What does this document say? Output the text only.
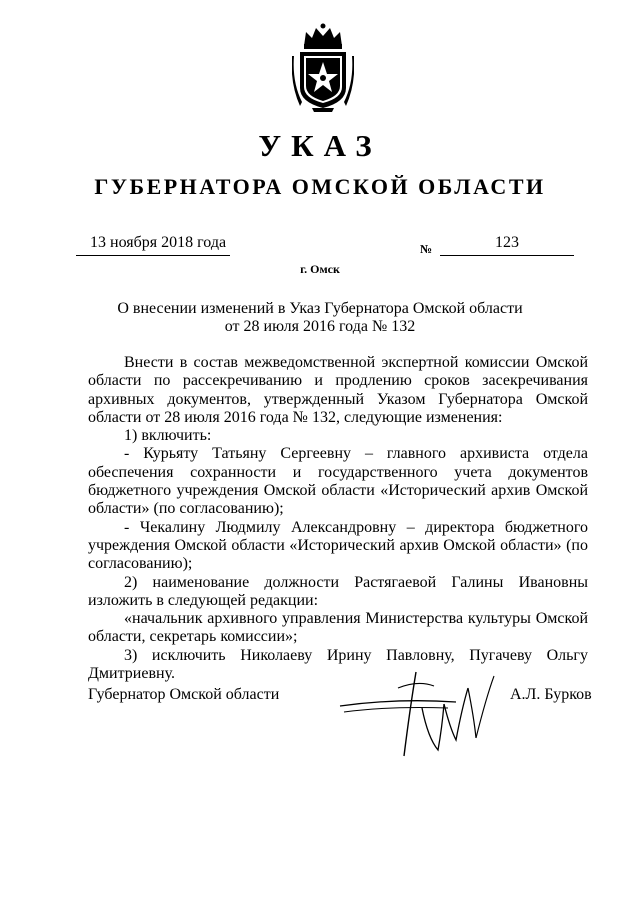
УКАЗ
ГУБЕРНАТОРА ОМСКОЙ ОБЛАСТИ
13 ноября 2018 года	№	123
г. Омск
О внесении изменений в Указ Губернатора Омской области
от 28 июля 2016 года № 132

Внести в состав межведомственной экспертной комиссии Омской области по рассекречиванию и продлению сроков засекречивания архивных документов, утвержденный Указом Губернатора Омской области от 28 июля 2016 года № 132, следующие изменения:

1) включить:

- Курьяту Татьяну Сергеевну – главного архивиста отдела обеспечения сохранности и государственного учета документов бюджетного учреждения Омской области «Исторический архив Омской области» (по согласованию);

- Чекалину Людмилу Александровну – директора бюджетного учреждения Омской области «Исторический архив Омской области» (по согласованию);

2) наименование должности Растягаевой Галины Ивановны изложить в следующей редакции:

«начальник архивного управления Министерства культуры Омской области, секретарь комиссии»;

3) исключить Николаеву Ирину Павловну, Пугачеву Ольгу Дмитриевну.

Губернатор Омской области	А.Л. Бурков
